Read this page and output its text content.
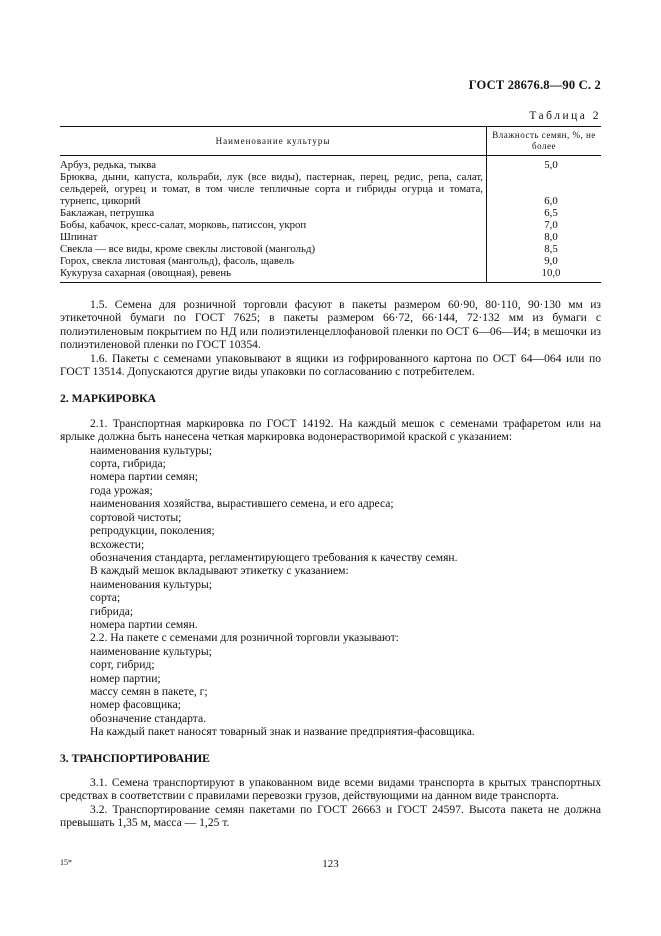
ГОСТ 28676.8—90 С. 2
Таблица 2
Наименование культуры	Влажность семян, %, не более
Арбуз, редька, тыква	5,0
Брюква, дыни, капуста, кольраби, лук (все виды), пастернак, перец, редис, репа, салат, сельдерей, огурец и томат, в том числе тепличные сорта и гибриды огурца и томата, турнепс, цикорий	6,0
Баклажан, петрушка	6,5
Бобы, кабачок, кресс-салат, морковь, патиссон, укроп	7,0
Шпинат	8,0
Свекла — все виды, кроме свеклы листовой (мангольд)	8,5
Горох, свекла листовая (мангольд), фасоль, щавель	9,0
Кукуруза сахарная (овощная), ревень	10,0

1.5. Семена для розничной торговли фасуют в пакеты размером 60·90, 80·110, 90·130 мм из этикеточной бумаги по ГОСТ 7625; в пакеты размером 66·72, 66·144, 72·132 мм из бумаги с полиэтиленовым покрытием по НД или полиэтиленцеллофановой пленки по ОСТ 6—06—И4; в мешочки из полиэтиленовой пленки по ГОСТ 10354.

1.6. Пакеты с семенами упаковывают в ящики из гофрированного картона по ОСТ 64—064 или по ГОСТ 13514. Допускаются другие виды упаковки по согласованию с потребителем.

2. МАРКИРОВКА

2.1. Транспортная маркировка по ГОСТ 14192. На каждый мешок с семенами трафаретом или на ярлыке должна быть нанесена четкая маркировка водонерастворимой краской с указанием:

наименования культуры;

сорта, гибрида;

номера партии семян;

года урожая;

наименования хозяйства, вырастившего семена, и его адреса;

сортовой чистоты;

репродукции, поколения;

всхожести;

обозначения стандарта, регламентирующего требования к качеству семян.

В каждый мешок вкладывают этикетку с указанием:

наименования культуры;

сорта;

гибрида;

номера партии семян.

2.2. На пакете с семенами для розничной торговли указывают:

наименование культуры;

сорт, гибрид;

номер партии;

массу семян в пакете, г;

номер фасовщика;

обозначение стандарта.

На каждый пакет наносят товарный знак и название предприятия-фасовщика.

3. ТРАНСПОРТИРОВАНИЕ

3.1. Семена транспортируют в упакованном виде всеми видами транспорта в крытых транспортных средствах в соответствии с правилами перевозки грузов, действующими на данном виде транспорта.

3.2. Транспортирование семян пакетами по ГОСТ 26663 и ГОСТ 24597. Высота пакета не должна превышать 1,35 м, масса — 1,25 т.

15*	123
